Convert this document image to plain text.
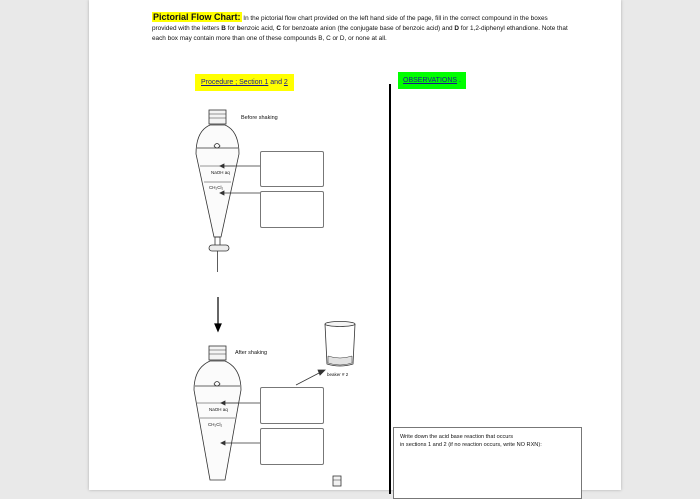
Pictorial Flow Chart: In the pictorial flow chart provided on the left hand side of the page, fill in the correct compound in the boxes provided with the letters B for benzoic acid, C for benzoate anion (the conjugate base of benzoic acid) and D for 1,2-diphenyl ethandione. Note that each box may contain more than one of these compounds B, C or D, or none at all.
Procedure ; Section 1 and 2	OBSERVATIONS .
Before shaking
NaOH aq
CH₂Cl₂
After shaking
NaOH aq
CH₂Cl₂
beaker # 2

Write down the acid base reaction that occurs
in sections 1 and 2 (if no reaction occurs, write NO RXN):
